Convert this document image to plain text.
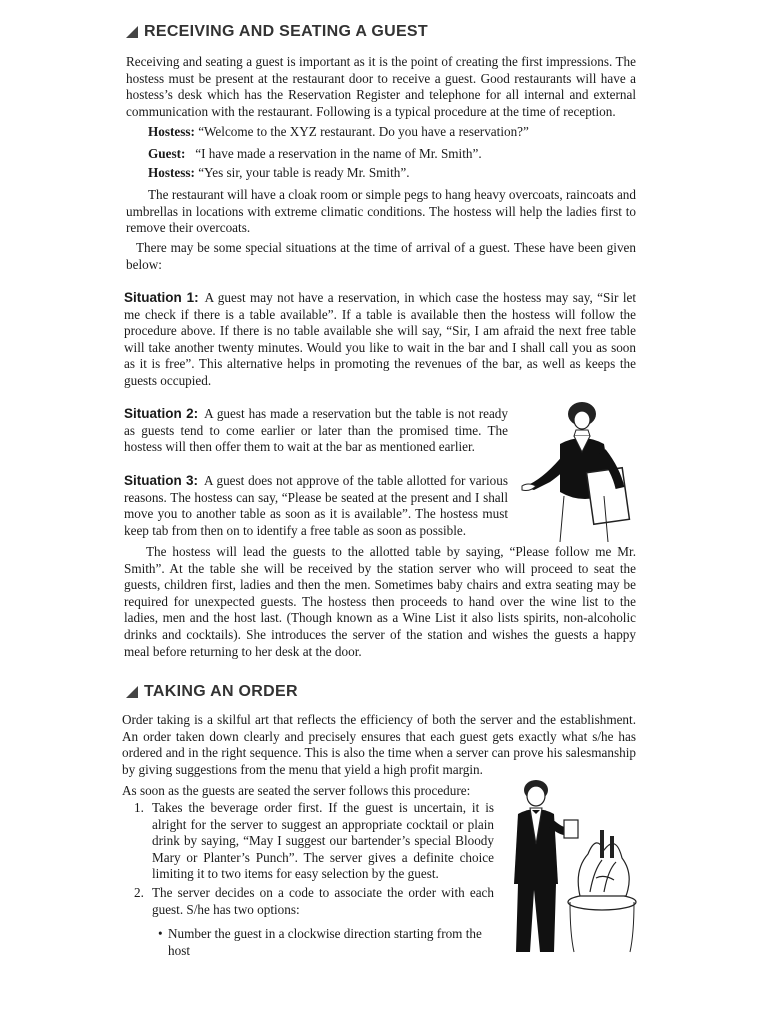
RECEIVING AND SEATING A GUEST

Receiving and seating a guest is important as it is the point of creating the first impressions. The hostess must be present at the restaurant door to receive a guest. Good restaurants will have a hostess’s desk which has the Reservation Register and telephone for all internal and external communication with the restaurant. Following is a typical procedure at the time of reception.

Hostess: “Welcome to the XYZ restaurant. Do you have a reservation?”
Guest: “I have made a reservation in the name of Mr. Smith”.
Hostess: “Yes sir, your table is ready Mr. Smith”.

The restaurant will have a cloak room or simple pegs to hang heavy overcoats, raincoats and umbrellas in locations with extreme climatic conditions. The hostess will help the ladies first to remove their overcoats.

There may be some special situations at the time of arrival of a guest. These have been given below:

Situation 1: A guest may not have a reservation, in which case the hostess may say, “Sir let me check if there is a table available”. If a table is available then the hostess will follow the procedure above. If there is no table available she will say, “Sir, I am afraid the next free table will take another twenty minutes. Would you like to wait in the bar and I shall call you as soon as it is free”. This alternative helps in promoting the revenues of the bar, as well as keeps the guests occupied.

Situation 2: A guest has made a reservation but the table is not ready as guests tend to come earlier or later than the promised time. The hostess will then offer them to wait at the bar as mentioned earlier.

Situation 3: A guest does not approve of the table allotted for various reasons. The hostess can say, “Please be seated at the present and I shall move you to another table as soon as it is available”. The hostess must keep tab from then on to identify a free table as soon as possible.

The hostess will lead the guests to the allotted table by saying, “Please follow me Mr. Smith”. At the table she will be received by the station server who will proceed to seat the guests, children first, ladies and then the men. Sometimes baby chairs and extra seating may be required for unexpected guests. The hostess then proceeds to hand over the wine list to the ladies, men and the host last. (Though known as a Wine List it also lists spirits, non-alcoholic drinks and cocktails). She introduces the server of the station and wishes the guests a happy meal before returning to her desk at the door.

TAKING AN ORDER

Order taking is a skilful art that reflects the efficiency of both the server and the establishment. An order taken down clearly and precisely ensures that each guest gets exactly what s/he has ordered and in the right sequence. This is also the time when a server can prove his salesmanship by giving suggestions from the menu that yield a high profit margin.

As soon as the guests are seated the server follows this procedure:

1. Takes the beverage order first. If the guest is uncertain, it is alright for the server to suggest an appropriate cocktail or plain drink by saying, “May I suggest our bartender’s special Bloody Mary or Planter’s Punch”. The server gives a definite choice limiting it to two items for easy selection by the guest.
2. The server decides on a code to associate the order with each guest. S/he has two options:
• Number the guest in a clockwise direction starting from the host
